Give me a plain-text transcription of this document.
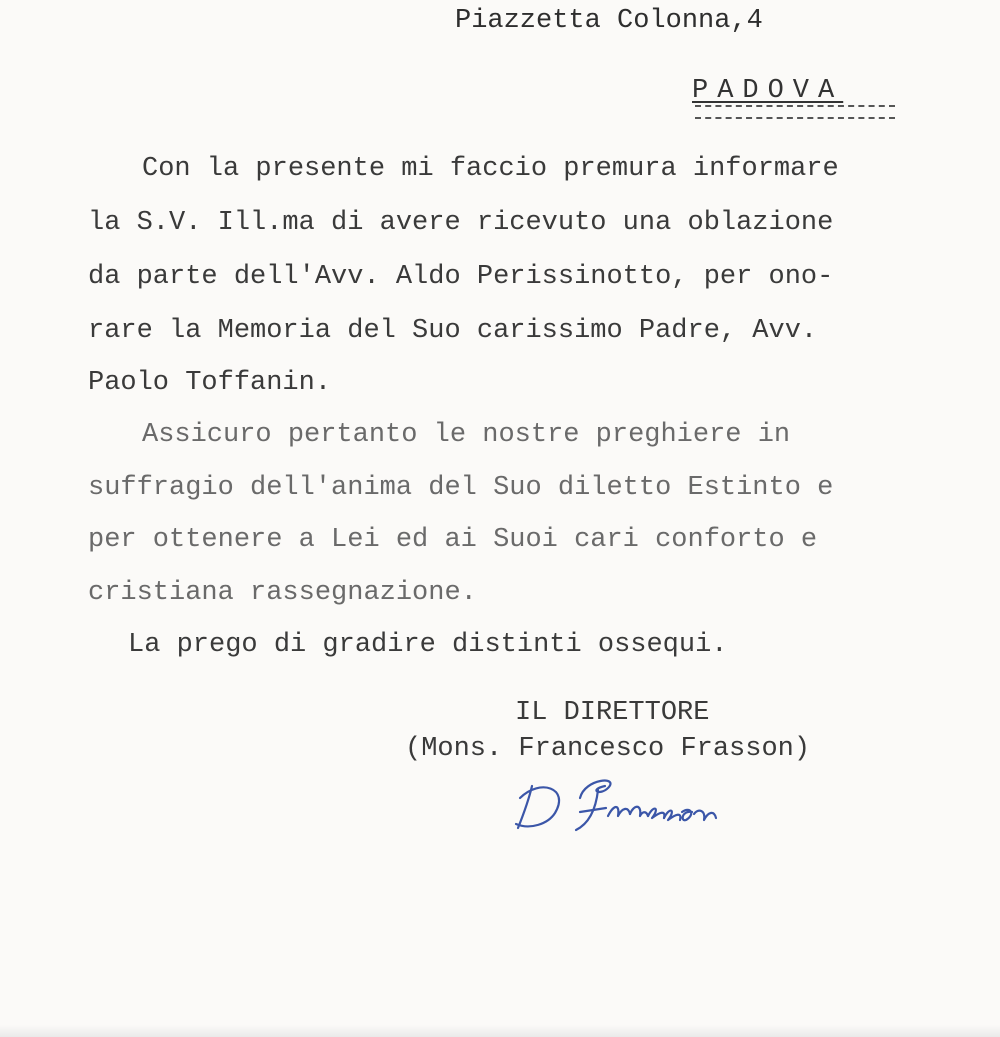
Piazzetta Colonna,4
PADOVA
Con la presente mi faccio premura informare
la S.V. Ill.ma di avere ricevuto una oblazione
da parte dell'Avv. Aldo Perissinotto, per ono-
rare la Memoria del Suo carissimo Padre, Avv.
Paolo Toffanin.
Assicuro pertanto le nostre preghiere in
suffragio dell'anima del Suo diletto Estinto e
per ottenere a Lei ed ai Suoi cari conforto e
cristiana rassegnazione.
La prego di gradire distinti ossequi.
IL DIRETTORE
(Mons. Francesco Frasson)
